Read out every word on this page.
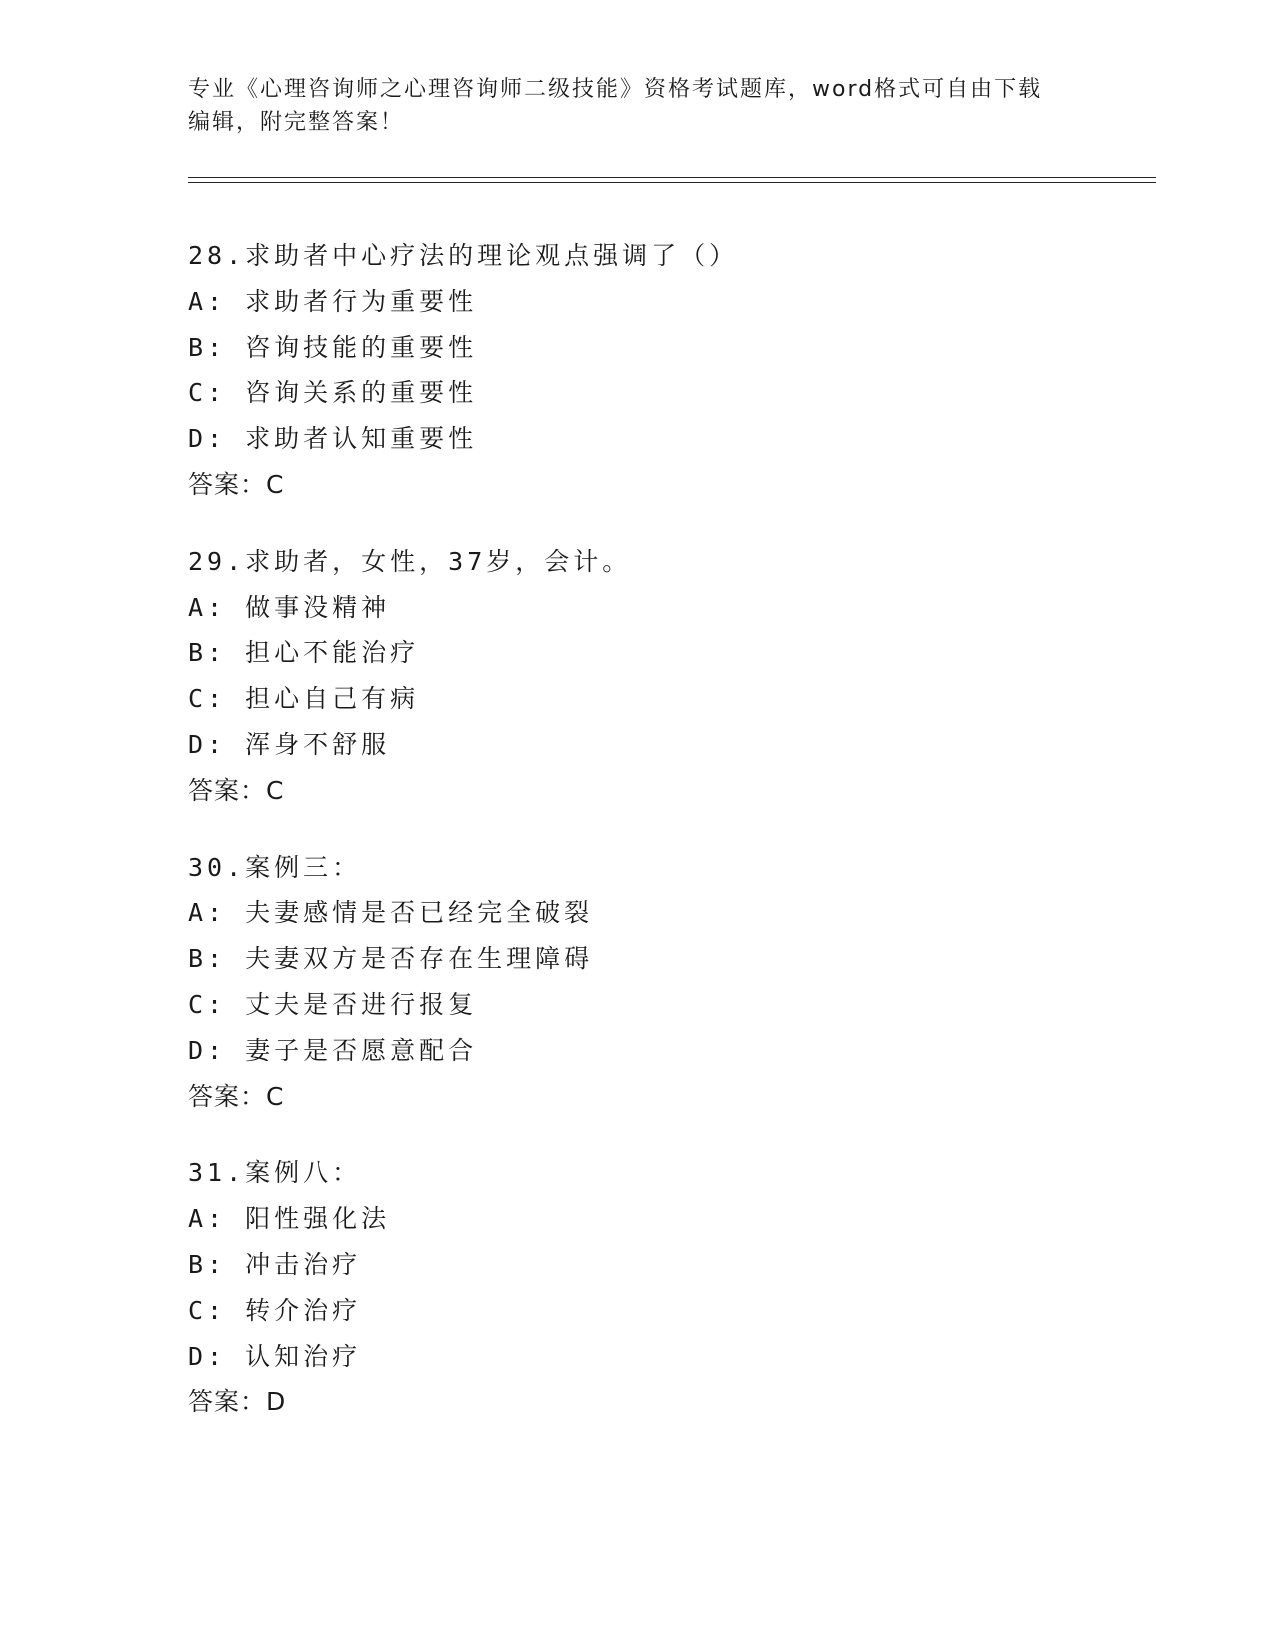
专业《心理咨询师之心理咨询师二级技能》资格考试题库，word格式可自由下载
编辑，附完整答案！
28.求助者中心疗法的理论观点强调了（）
A: 求助者行为重要性
B: 咨询技能的重要性
C: 咨询关系的重要性
D: 求助者认知重要性
答案：C
29.求助者，女性，37岁，会计。
A: 做事没精神
B: 担心不能治疗
C: 担心自己有病
D: 浑身不舒服
答案：C
30.案例三：
A: 夫妻感情是否已经完全破裂
B: 夫妻双方是否存在生理障碍
C: 丈夫是否进行报复
D: 妻子是否愿意配合
答案：C
31.案例八：
A: 阳性强化法
B: 冲击治疗
C: 转介治疗
D: 认知治疗
答案：D
